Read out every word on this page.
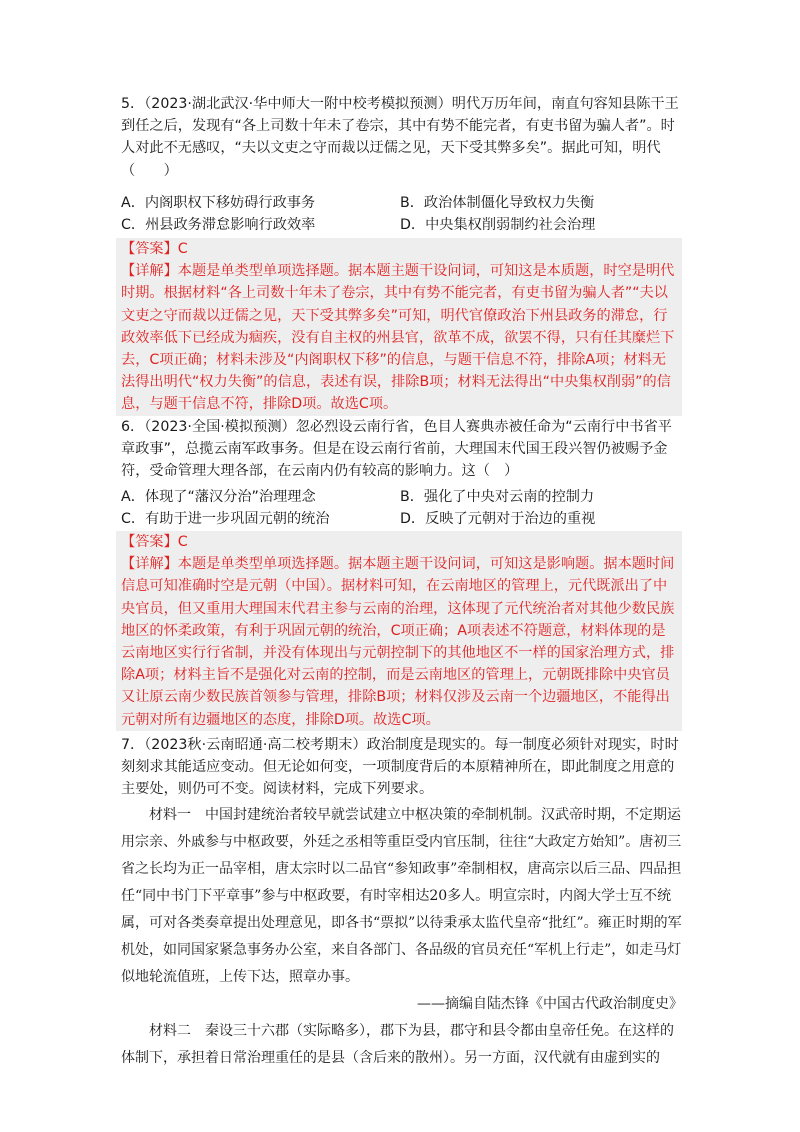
5．（2023·湖北武汉·华中师大一附中校考模拟预测）明代万历年间，南直句容知县陈干王到任之后，发现有“各上司数十年未了卷宗，其中有势不能完者，有吏书留为骗人者”。时人对此不无感叹，“夫以文吏之守而裁以迂儒之见，天下受其弊多矣”。据此可知，明代（　　）
A．内阁职权下移妨碍行政事务	B．政治体制僵化导致权力失衡
C．州县政务滞怠影响行政效率	D．中央集权削弱制约社会治理

【答案】C

【详解】本题是单类型单项选择题。据本题主题干设问词，可知这是本质题，时空是明代时期。根据材料“各上司数十年未了卷宗，其中有势不能完者，有吏书留为骗人者”“夫以文吏之守而裁以迂儒之见，天下受其弊多矣”可知，明代官僚政治下州县政务的滞怠，行政效率低下已经成为痼疾，没有自主权的州县官，欲革不成，欲罢不得，只有任其糜烂下去，C项正确；材料未涉及“内阁职权下移”的信息，与题干信息不符，排除A项；材料无法得出明代“权力失衡”的信息，表述有误，排除B项；材料无法得出“中央集权削弱”的信息，与题干信息不符，排除D项。故选C项。

6．（2023·全国·模拟预测）忽必烈设云南行省，色目人赛典赤被任命为“云南行中书省平章政事”，总揽云南军政事务。但是在设云南行省前，大理国末代国王段兴智仍被赐予金符，受命管理大理各部，在云南内仍有较高的影响力。这（　）
A．体现了“藩汉分治”治理理念	B．强化了中央对云南的控制力
C．有助于进一步巩固元朝的统治	D．反映了元朝对于治边的重视

【答案】C

【详解】本题是单类型单项选择题。据本题主题干设问词，可知这是影响题。据本题时间信息可知准确时空是元朝（中国）。据材料可知，在云南地区的管理上，元代既派出了中央官员，但又重用大理国末代君主参与云南的治理，这体现了元代统治者对其他少数民族地区的怀柔政策，有利于巩固元朝的统治，C项正确；A项表述不符题意，材料体现的是云南地区实行行省制，并没有体现出与元朝控制下的其他地区不一样的国家治理方式，排除A项；材料主旨不是强化对云南的控制，而是云南地区的管理上，元朝既排除中央官员又让原云南少数民族首领参与管理，排除B项；材料仅涉及云南一个边疆地区，不能得出元朝对所有边疆地区的态度，排除D项。故选C项。

7．（2023秋·云南昭通·高二校考期末）政治制度是现实的。每一制度必须针对现实，时时刻刻求其能适应变动。但无论如何变，一项制度背后的本原精神所在，即此制度之用意的主要处，则仍可不变。阅读材料，完成下列要求。

材料一　中国封建统治者较早就尝试建立中枢决策的牵制机制。汉武帝时期，不定期运用宗亲、外戚参与中枢政要，外廷之丞相等重臣受内官压制，往往“大政定方始知”。唐初三省之长均为正一品宰相，唐太宗时以二品官“参知政事”牵制相权，唐高宗以后三品、四品担任“同中书门下平章事”参与中枢政要，有时宰相达20多人。明宣宗时，内阁大学士互不统属，可对各类奏章提出处理意见，即各书“票拟”以待秉承太监代皇帝“批红”。雍正时期的军机处，如同国家紧急事务办公室，来自各部门、各品级的官员充任“军机上行走”，如走马灯似地轮流值班，上传下达，照章办事。

——摘编自陆杰锋《中国古代政治制度史》

材料二　秦设三十六郡（实际略多），郡下为县，郡守和县令都由皇帝任免。在这样的体制下，承担着日常治理重任的是县（含后来的散州）。另一方面，汉代就有由虚到实的
